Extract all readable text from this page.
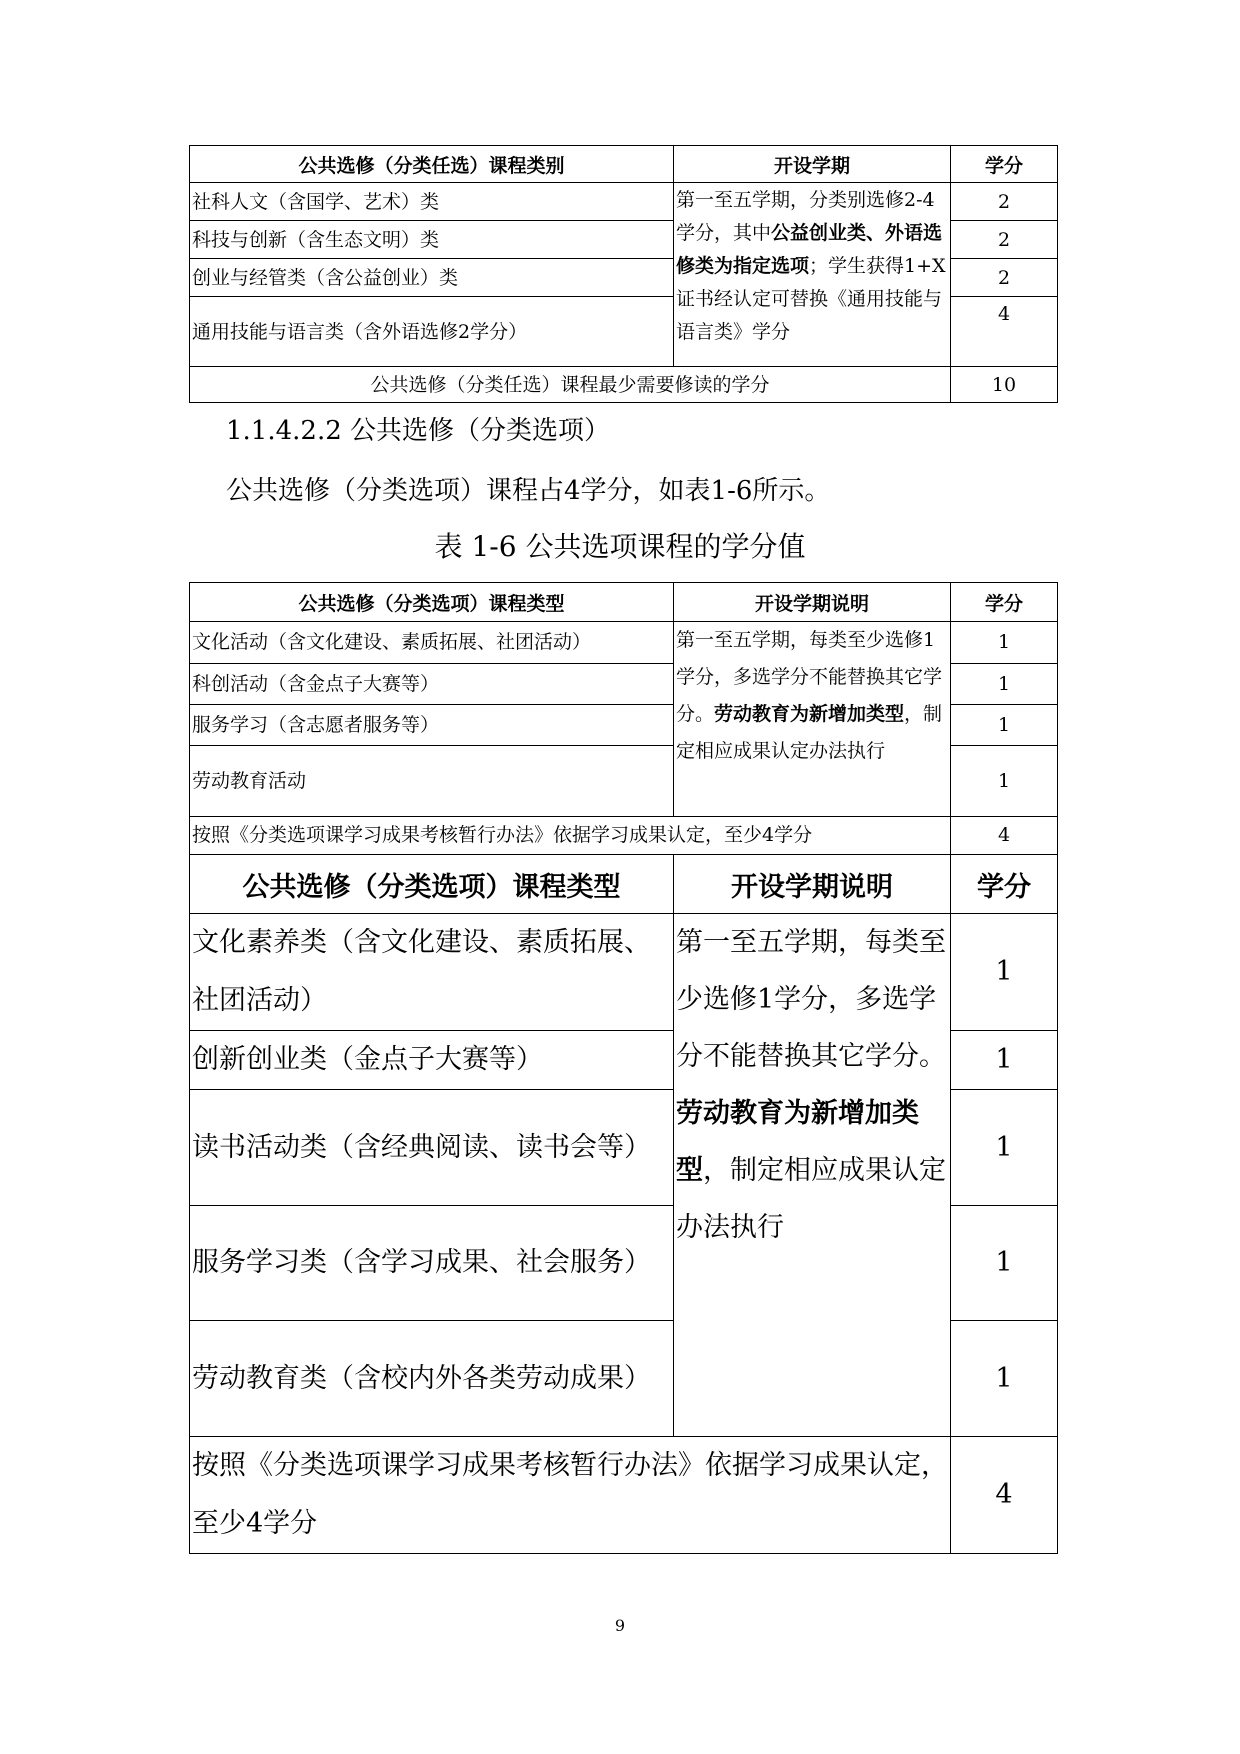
公共选修（分类任选）课程类别	开设学期	学分
社科人文（含国学、艺术）类	第一至五学期，分类别选修2-4学分，其中公益创业类、外语选修类为指定选项；学生获得1+X证书经认定可替换《通用技能与语言类》学分	2
科技与创新（含生态文明）类		2
创业与经管类（含公益创业）类		2
通用技能与语言类（含外语选修2学分）		4
公共选修（分类任选）课程最少需要修读的学分		10
1.1.4.2.2 公共选修（分类选项）
公共选修（分类选项）课程占4学分，如表1-6所示。
表 1-6 公共选项课程的学分值
公共选修（分类选项）课程类型	开设学期说明	学分
文化活动（含文化建设、素质拓展、社团活动）	第一至五学期，每类至少选修1学分，多选学分不能替换其它学分。劳动教育为新增加类型，制定相应成果认定办法执行	1
科创活动（含金点子大赛等）		1
服务学习（含志愿者服务等）		1
劳动教育活动		1
按照《分类选项课学习成果考核暂行办法》依据学习成果认定，至少4学分		4
公共选修（分类选项）课程类型	开设学期说明	学分
文化素养类（含文化建设、素质拓展、社团活动）	第一至五学期，每类至少选修1学分，多选学分不能替换其它学分。劳动教育为新增加类型，制定相应成果认定办法执行	1
创新创业类（金点子大赛等）		1
读书活动类（含经典阅读、读书会等）		1
服务学习类（含学习成果、社会服务）		1
劳动教育类（含校内外各类劳动成果）		1
按照《分类选项课学习成果考核暂行办法》依据学习成果认定，至少4学分		4
9
